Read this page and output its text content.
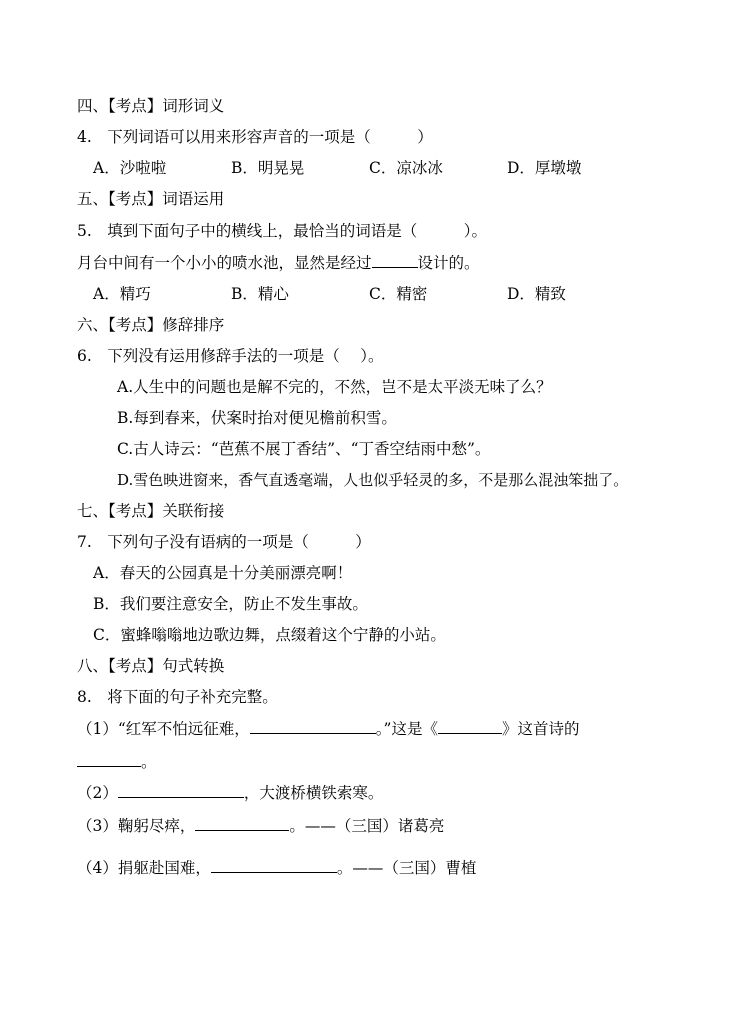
四、【考点】词形词义
4.　下列词语可以用来形容声音的一项是（　　　）
A．沙啦啦	B．明晃晃	C．凉冰冰	D．厚墩墩
五、【考点】词语运用
5.　填到下面句子中的横线上，最恰当的词语是（　　　）。
月台中间有一个小小的喷水池，显然是经过	设计的。
A．精巧	B．精心	C．精密	D．精致
六、【考点】修辞排序
6.　下列没有运用修辞手法的一项是（　 ）。
A.人生中的问题也是解不完的，不然，岂不是太平淡无味了么？
B.每到春来，伏案时抬对便见檐前积雪。
C.古人诗云：“芭蕉不展丁香结”、“丁香空结雨中愁”。
D.雪色映进窗来，香气直透毫端，人也似乎轻灵的多，不是那么混浊笨拙了。
七、【考点】关联衔接
7.　下列句子没有语病的一项是（　　　）
A．春天的公园真是十分美丽漂亮啊！
B．我们要注意安全，防止不发生事故。
C．蜜蜂嗡嗡地边歌边舞，点缀着这个宁静的小站。
八、【考点】句式转换
8.　将下面的句子补充完整。
（1）“红军不怕远征难，	。”这是《	》这首诗的
。
（2）	，大渡桥横铁索寒。
（3）鞠躬尽瘁，	。——（三国）诸葛亮
（4）捐躯赴国难，	。——（三国）曹植
